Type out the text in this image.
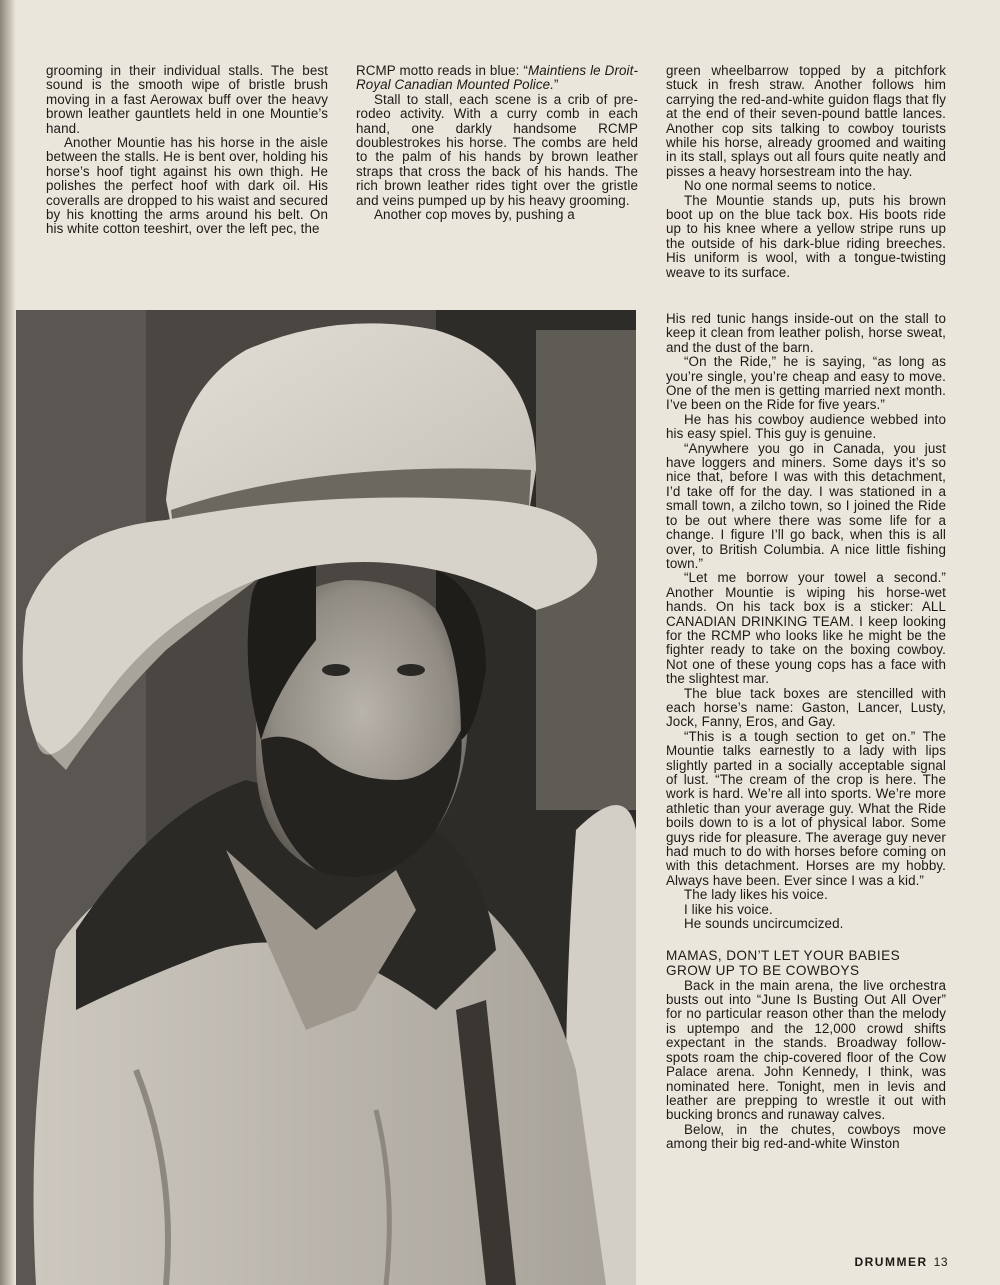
grooming in their individual stalls. The best sound is the smooth wipe of bristle brush moving in a fast Aerowax buff over the heavy brown leather gauntlets held in one Mountie’s hand.

Another Mountie has his horse in the aisle between the stalls. He is bent over, holding his horse’s hoof tight against his own thigh. He polishes the perfect hoof with dark oil. His coveralls are dropped to his waist and secured by his knotting the arms around his belt. On his white cotton teeshirt, over the left pec, the

RCMP motto reads in blue: “Maintiens le Droit-Royal Canadian Mounted Police.”

Stall to stall, each scene is a crib of pre-rodeo activity. With a curry comb in each hand, one darkly handsome RCMP doublestrokes his horse. The combs are held to the palm of his hands by brown leather straps that cross the back of his hands. The rich brown leather rides tight over the gristle and veins pumped up by his heavy grooming.

Another cop moves by, pushing a

green wheelbarrow topped by a pitchfork stuck in fresh straw. Another follows him carrying the red-and-white guidon flags that fly at the end of their seven-pound battle lances. Another cop sits talking to cowboy tourists while his horse, already groomed and waiting in its stall, splays out all fours quite neatly and pisses a heavy horsestream into the hay.

No one normal seems to notice.

The Mountie stands up, puts his brown boot up on the blue tack box. His boots ride up to his knee where a yellow stripe runs up the outside of his dark-blue riding breeches. His uniform is wool, with a tongue-twisting weave to its surface.

His red tunic hangs inside-out on the stall to keep it clean from leather polish, horse sweat, and the dust of the barn.

“On the Ride,” he is saying, “as long as you’re single, you’re cheap and easy to move. One of the men is getting married next month. I’ve been on the Ride for five years.”

He has his cowboy audience webbed into his easy spiel. This guy is genuine.

“Anywhere you go in Canada, you just have loggers and miners. Some days it’s so nice that, before I was with this detachment, I’d take off for the day. I was stationed in a small town, a zilcho town, so I joined the Ride to be out where there was some life for a change. I figure I’ll go back, when this is all over, to British Columbia. A nice little fishing town.”

“Let me borrow your towel a second.” Another Mountie is wiping his horse-wet hands. On his tack box is a sticker: ALL CANADIAN DRINKING TEAM. I keep looking for the RCMP who looks like he might be the fighter ready to take on the boxing cowboy. Not one of these young cops has a face with the slightest mar.

The blue tack boxes are stencilled with each horse’s name: Gaston, Lancer, Lusty, Jock, Fanny, Eros, and Gay.

“This is a tough section to get on.” The Mountie talks earnestly to a lady with lips slightly parted in a socially acceptable signal of lust. “The cream of the crop is here. The work is hard. We’re all into sports. We’re more athletic than your average guy. What the Ride boils down to is a lot of physical labor. Some guys ride for pleasure. The average guy never had much to do with horses before coming on with this detachment. Horses are my hobby. Always have been. Ever since I was a kid.”

The lady likes his voice.

I like his voice.

He sounds uncircumcized.

MAMAS, DON’T LET YOUR BABIES
GROW UP TO BE COWBOYS

Back in the main arena, the live orchestra busts out into “June Is Busting Out All Over” for no particular reason other than the melody is uptempo and the 12,000 crowd shifts expectant in the stands. Broadway follow-spots roam the chip-covered floor of the Cow Palace arena. John Kennedy, I think, was nominated here. Tonight, men in levis and leather are prepping to wrestle it out with bucking broncs and runaway calves.

Below, in the chutes, cowboys move among their big red-and-white Winston

DRUMMER 13
